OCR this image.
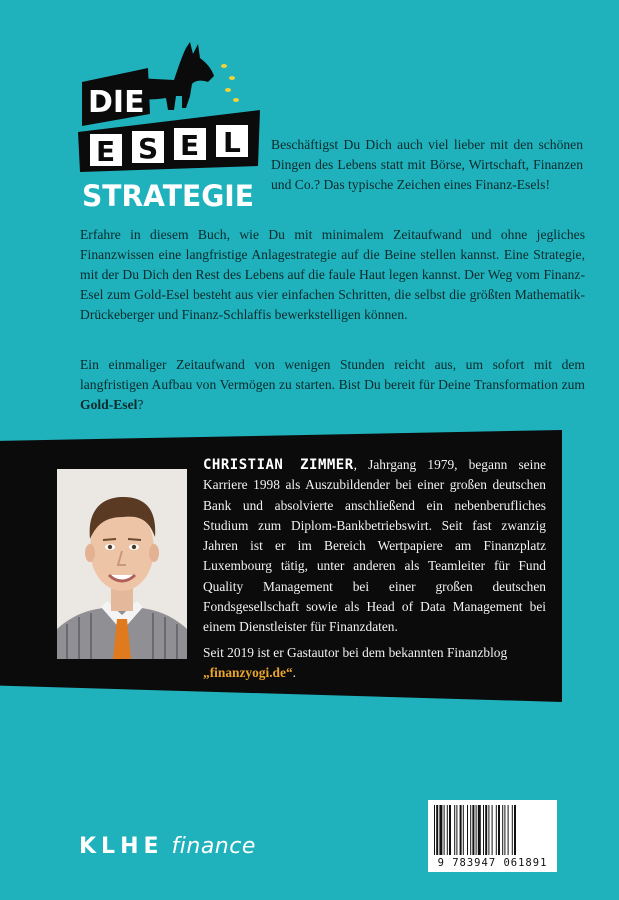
DIE
E S E L
STRATEGIE

Beschäftigst Du Dich auch viel lieber mit den schönen Dingen des Lebens statt mit Börse, Wirtschaft, Finanzen und Co.? Das typische Zeichen eines Finanz-Esels!

Erfahre in diesem Buch, wie Du mit minimalem Zeitaufwand und ohne jegliches Finanzwissen eine langfristige Anlagestrategie auf die Beine stellen kannst. Eine Strategie, mit der Du Dich den Rest des Lebens auf die faule Haut legen kannst. Der Weg vom Finanz-Esel zum Gold-Esel besteht aus vier einfachen Schritten, die selbst die größten Mathematik-Drückeberger und Finanz-Schlaffis bewerkstelligen können.

Ein einmaliger Zeitaufwand von wenigen Stunden reicht aus, um sofort mit dem langfristigen Aufbau von Vermögen zu starten. Bist Du bereit für Deine Transformation zum Gold-Esel?

CHRISTIAN ZIMMER, Jahrgang 1979, begann seine Karriere 1998 als Auszubildender bei einer großen deutschen Bank und absolvierte anschließend ein nebenberufliches Studium zum Diplom-Bankbetriebswirt. Seit fast zwanzig Jahren ist er im Bereich Wertpapiere am Finanzplatz Luxembourg tätig, unter anderen als Teamleiter für Fund Quality Management bei einer großen deutschen Fondsgesellschaft sowie als Head of Data Management bei einem Dienstleister für Finanzdaten.

Seit 2019 ist er Gastautor bei dem bekannten Finanzblog „finanzyogi.de“.

KLHE finance
9 783947 061891
